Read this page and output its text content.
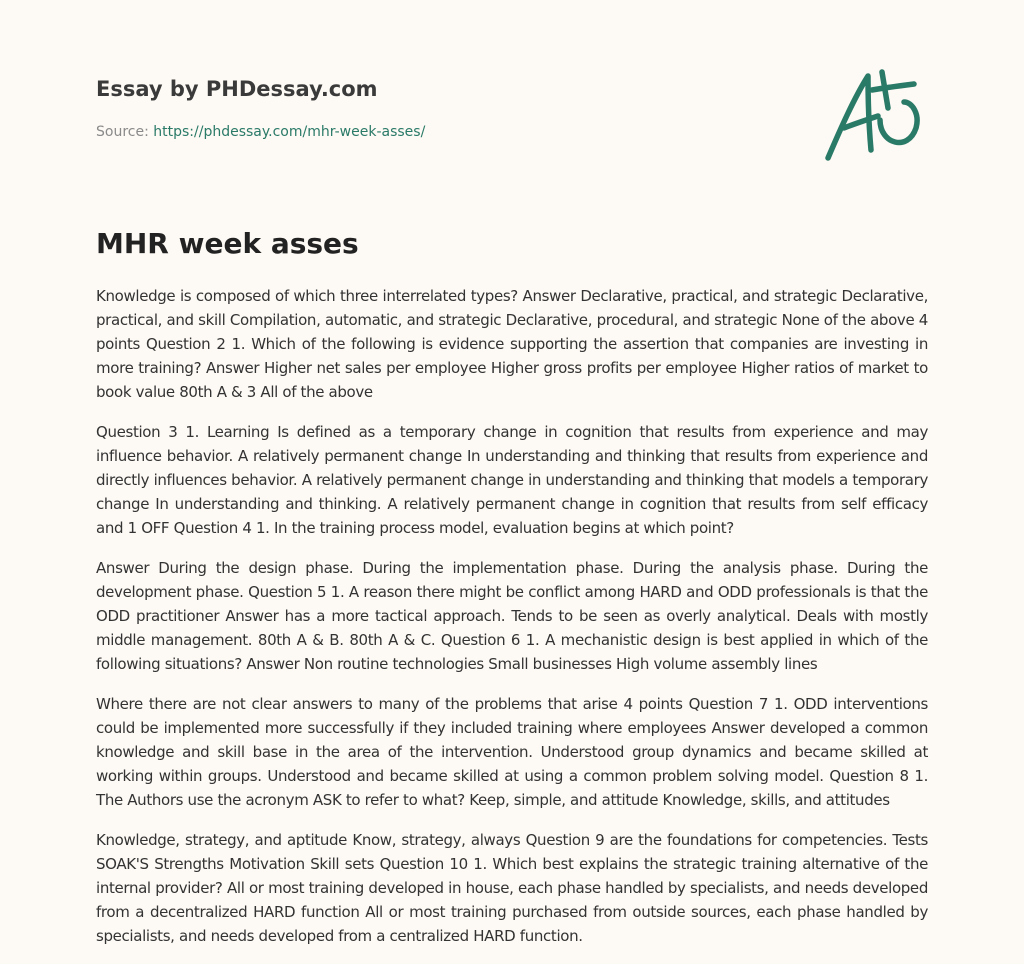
Essay by PHDessay.com
Source: https://phdessay.com/mhr-week-asses/
MHR week asses

Knowledge is composed of which three interrelated types? Answer Declarative, practical, and strategic Declarative, practical, and skill Compilation, automatic, and strategic Declarative, procedural, and strategic None of the above 4 points Question 2 1. Which of the following is evidence supporting the assertion that companies are investing in more training? Answer Higher net sales per employee Higher gross profits per employee Higher ratios of market to book value 80th A & 3 All of the above

Question 3 1. Learning Is defined as a temporary change in cognition that results from experience and may influence behavior. A relatively permanent change In understanding and thinking that results from experience and directly influences behavior. A relatively permanent change in understanding and thinking that models a temporary change In understanding and thinking. A relatively permanent change in cognition that results from self efficacy and 1 OFF Question 4 1. In the training process model, evaluation begins at which point?

Answer During the design phase. During the implementation phase. During the analysis phase. During the development phase. Question 5 1. A reason there might be conflict among HARD and ODD professionals is that the ODD practitioner Answer has a more tactical approach. Tends to be seen as overly analytical. Deals with mostly middle management. 80th A & B. 80th A & C. Question 6 1. A mechanistic design is best applied in which of the following situations? Answer Non routine technologies Small businesses High volume assembly lines

Where there are not clear answers to many of the problems that arise 4 points Question 7 1. ODD interventions could be implemented more successfully if they included training where employees Answer developed a common knowledge and skill base in the area of the intervention. Understood group dynamics and became skilled at working within groups. Understood and became skilled at using a common problem solving model. Question 8 1. The Authors use the acronym ASK to refer to what? Keep, simple, and attitude Knowledge, skills, and attitudes

Knowledge, strategy, and aptitude Know, strategy, always Question 9 are the foundations for competencies. Tests SOAK'S Strengths Motivation Skill sets Question 10 1. Which best explains the strategic training alternative of the internal provider? All or most training developed in house, each phase handled by specialists, and needs developed from a decentralized HARD function All or most training purchased from outside sources, each phase handled by specialists, and needs developed from a centralized HARD function.
